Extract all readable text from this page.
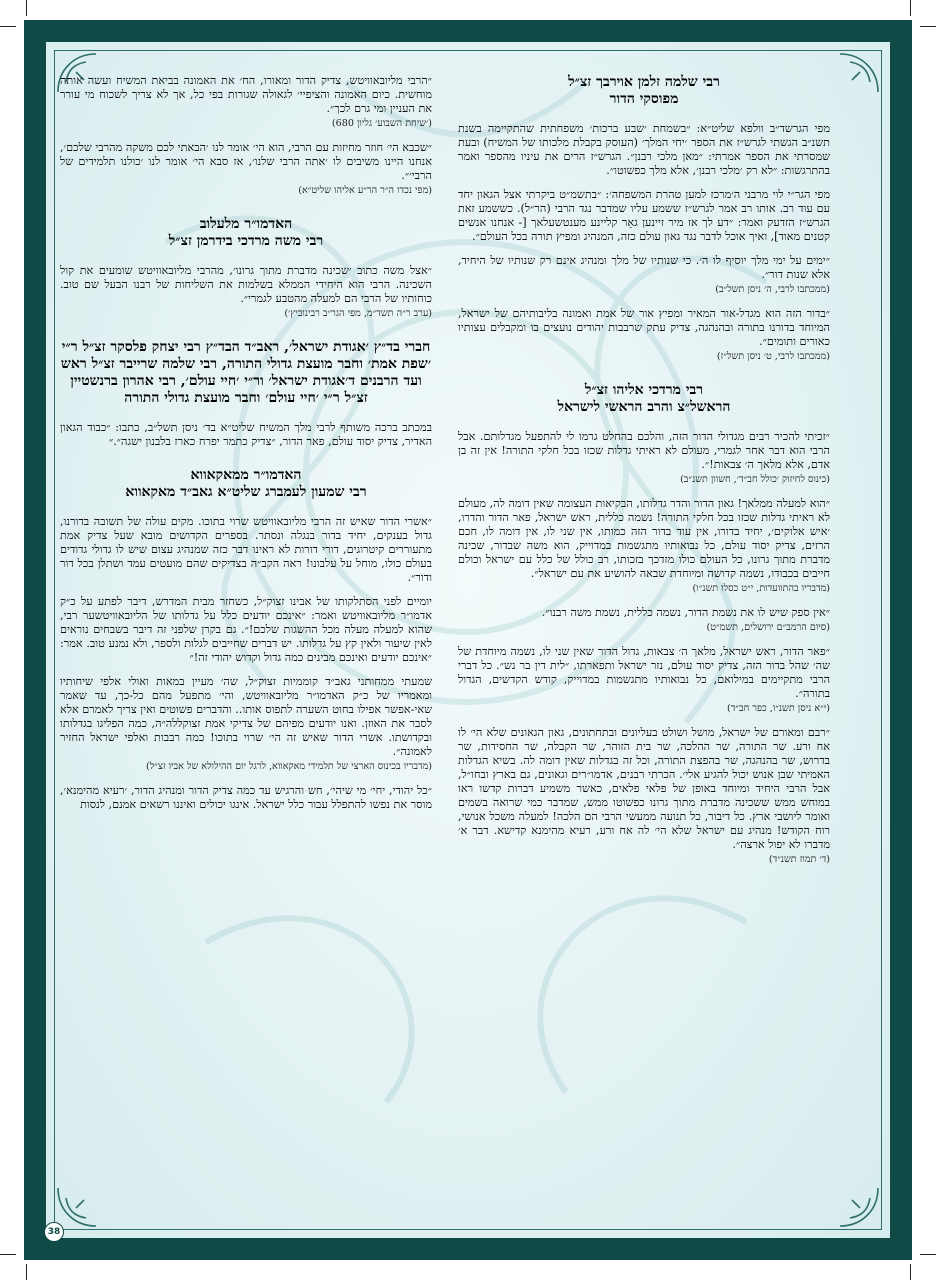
רבי שלמה זלמן אוירבך זצ״ל
מפוסקי הדור
מפי הגרשד״ב וולפא שליט״א: ״בשמחת ׳שבע ברכות׳ משפחתית שהתקיימה בשנת תשנ״ב הגשתי לגרש״ז את הספר ׳יחי המלך׳ (העוסק בקבלת מלכותו של המשיח) ובעת שמסרתי את הספר אמרתי: ״מאן מלכי רבנן״. הגרש״ז הרים את עיניו מהספר ואמר בהתרגשות: ״לא רק ׳מלכי רבנן׳, אלא מלך כפשוטו״.
מפי הגר״י לוי מרבני ה׳מרכז למען טהרת המשפחה׳: ״בתשמ״ט ביקרתי אצל הגאון יחד עם עוד רב. אותו רב אמר לגרש״ז ששמע עליו שמדבר נגד הרבי (הר״ל). כששמע זאת הגרש״ז הזדעק ואמר: ״דע לך אז מיר זיינען גאָר קליינע מענטשעלאך [- אנחנו אנשים קטנים מאוד], ואיך אוכל לדבר נגד גאון עולם כזה, המנהיג ומפיץ תורה בכל העולם״.
״ימים על ימי מלך יוסיף לו ה׳. כי שנותיו של מלך ומנהיג אינם רק שנותיו של היחיד, אלא שנות דור״.
(ממכתבו לרבי, ה׳ ניסן תשל״ב)
״בדור הזה הוא מגדל-אור המאיר ומפיץ אור של אמת ואמונה בליבותיהם של ישראל, המיוחד בדורנו בתורה ובהנהגה, צדיק עתק שרבבות יהודים נועצים בו ומקבלים עצותיו כאורים ותומים״.
(ממכתבו לרבי, ט׳ ניסן תשל״ז)
רבי מרדכי אליהו זצ״ל
הראשל״צ והרב הראשי לישראל
״זכיתי להכיר רבים מגדולי הדור הזה, והלכם בהחלט גרמו לי להתפעל מגדלותם. אבל הרבי הוא דבר אחר לגמרי, מעולם לא ראיתי גדלות שכזו בכל חלקי התורה! אין זה בן אדם, אלא מלאך ה׳ צבאות!״.
(כינוס לחיזוק ׳כולל חב״ד׳, חשוון תשנ״ב)
״הוא למעלה ממלאך! גאון הדור והדר גדלותו, הבקיאות העצומה שאין דומה לה, מעולם לא ראיתי גדלות שכזו בכל חלקי התורה! נשמה כללית, ראש ישראל, פאר הדור והדרו, ׳איש אלוקים׳, יחיד בדורו, אין עוד בדור הזה כמותו, אין שני לו, אין דומה לו, חכם הרזים, צדיק יסוד עולם, כל נבואותיו מתגשמות במדוייק, הוא משה שבדור, שכינה מדברת מתוך גרונו, כל העולם כולו מזדכך בזכותו, רב כולל של כלל עם ישראל וכולם חייבים בכבודו, נשמה קדושה ומיוחדת שבאה להושיע את עם ישראל״.
(מדבריו בהתוועדות, י״ט כסלו תשנ״ו)
״אין ספק שיש לו את נשמת הדור, נשמה כללית, נשמת משה רבנו״.
(סיום הרמב״ם ירושלים, תשמ״ט)
״פאר הדור, ראש ישראל, מלאך ה׳ צבאות, גדול הדור שאין שני לו, נשמה מיוחדת של שה׳ שהל בדור הזה, צדיק יסוד עולם, נזר ישראל ותפארתו, ״לית דין בר נש״. כל דברי הרבי מתקיימים במילואם, כל נבואותיו מתגשמות במדוייק, קודש הקדשים, הגדול בתורה״.
(י״א ניסן תשנ״ו, כפר חב״ד)
״רבם ומאורם של ישראל, מושל ושולט בעליונים ובתחתונים, גאון הגאונים שלא הי׳ לו אח ורע. שר התורה, שר ההלכה, שר בית הזוהר, שר הקבלה, שר החסידות, שר בדרוש, שר בהנהגה, שר בהפצת התורה, וכל זה בגדלות שאין דומה לה. בשיא הגדלות האמיתי שבן אנוש יכול להגיע אלי׳. הכרתי רבנים, אדמו״רים וגאונים, גם בארץ ובחו״ל, אבל הרבי היחיד ומיוחד באופן של פלאי פלאים, כאשר משמיע דברות קדשו ראו במוחש ממש ששכינה מדברת מתוך גרונו כפשוטו ממש, שמדבר כמי שרואה בשמים ואומר ליושבי ארץ. כל דיבור, כל תנועה ממעשי הרבי הם הלכה! למעלה משכל אנושי, רוח הקודש! מנהיג עם ישראל שלא הי׳ לה אח ורע, רעיא מהימנא קדישא. דבר א׳ מדברו לא יפול ארצה״.
(ד׳ תמוז תשנ״ד)
״הרבי מליובאוויטש, צדיק הדור ומאורו, הח׳ את האמונה בביאת המשיח ועשה אותה מוחשית. כיום האמונה והציפיי׳ לגאולה שגורות בפי כל, אך לא צריך לשכוח מי עורר את העניין ומי גרם לכך״.
(׳שיחת השבוע׳ גליון 680)
״שכבא הי׳ חוזר מחיזות עם הרבי, הוא הי׳ אומר לנו ׳הבאתי לכם משקה מהרבי שלכם׳, אנחנו היינו משיבים לו ׳אתה הרבי שלנו׳, אז סבא הי׳ אומר לנו ׳כולנו תלמידים של הרבי׳״.
(מפי נכדו ה״ר הר״ע אליהו שליט״א)
האדמו״ר מלעלוב
רבי משה מרדכי בידרמן זצ״ל
״אצל משה כתוב ׳שכינה מדברת מתוך גרונו׳, מהרבי מליובאוויטש שומעים את קול השכינה. הרבי הוא היחידי הממלא בשלמות את השליחות של רבנו הבעל שם טוב. כוחותיו של הרבי הם למעלה מהטבע לגמרי״.
(ערב ר״ה תשד״מ, מפי הגר״ב רבינוביץ׳)
חברי בד״ץ ׳אגודת ישראל׳, ראב״ד הבד״ץ רבי יצחק פלסקר זצ״ל ר״י ׳שפת אמת׳ וחבר מועצת גדולי התורה, רבי שלמה שרייבר זצ״ל ראש ועד הרבנים ד׳אגודת ישראל׳ ור״י ׳חיי עולם׳, רבי אהרון ברנשטיין זצ״ל ר״י ׳חיי עולם׳ וחבר מועצת גדולי התורה
במכתב ברכה משותף לרבי מלך המשיח שליט״א בד׳ ניסן תשל״ב, כתבו: ״כבוד הגאון האדיר, צדיק יסוד עולם, פאר הדור, ״צדיק כתמר יפרח כארז בלבנון ישגה״.״
האדמו״ר ממאקאווא
רבי שמעון לעמברג שליט״א גאב״ד מאקאווא
״אשרי הדור שאיש זה הרבי מליובאוויטש שרוי בתוכו. מקים עולה של תשובה בדורנו, גדול בענקים, יחיד בדור בנגלה ונסתר. בספרים הקדושים מובא שעל צדיק אמת מתעוררים קיטרוגים, דורי דורות לא ראינו דבר כזה שמנהיג עצום שיש לו גדולי גדודים בעולם כולו, מוחל על עלבונו! ראה הקב״ה בצדיקים שהם מועטים עמד ושתלן בכל דור ודור״.
יומיים לפני הסתלקותו של אבינו זצוק״ל, כשחזר מבית המדרש, דיבר לפתע על כ״ק אדמו״ר מליובאוויטש ואמר: ״אינכם יודעים כלל על גדלותו של הליובאוויטשער רבי, שהוא למעלה מעלה מכל ההשגות שלכם!״. גם בקרן שלפני זה דיבר בשבחים נוראים לאין שיעור ולאין קץ על גדלותו. יש דברים שחייבים לגלות ולספר, ולא נמנע טוב. אמר: ״אינכם יודעים ואינכם מבינים כמה גדול וקדוש יהודי זה!״
שמעתי ממחותני גאב״ד קוממיות זצוק״ל, שה׳ מעיין במאות ואולי אלפי שיחותיו ומאמריו של כ״ק האדמו״ר מליובאוויטש, והי׳ מתפעל מהם כל-כך, עד שאמר שאי-אפשר אפילו בחוט השערה לתפוס אותו.. והדברים פשוטים ואין צריך לאמרם אלא לסבר את האוזן. ואנו יודעים מפיהם של צדיקי אמת זצוקללה״ה, כמה הפליגו בגדלותו ובקדושתו. אשרי הדור שאיש זה הי׳ שרוי בתוכו! כמה רבבות ואלפי ישראל החזיר לאמונה״.
(מדבריו בכינוס הארצי של תלמידי מאקאווא, לרגל יום ההילולא של אביו זצ״ל)
״כל יהודי, יחי׳ מי שיהי׳, חש והרגיש עד כמה צדיק הדור ומנהיג הדור, ׳רעיא מהימנא׳, מוסר את נפשו להתפלל עבור כלל ישראל. אינגו יכולים ואיננו רשאים אמנם, לנסות
38
